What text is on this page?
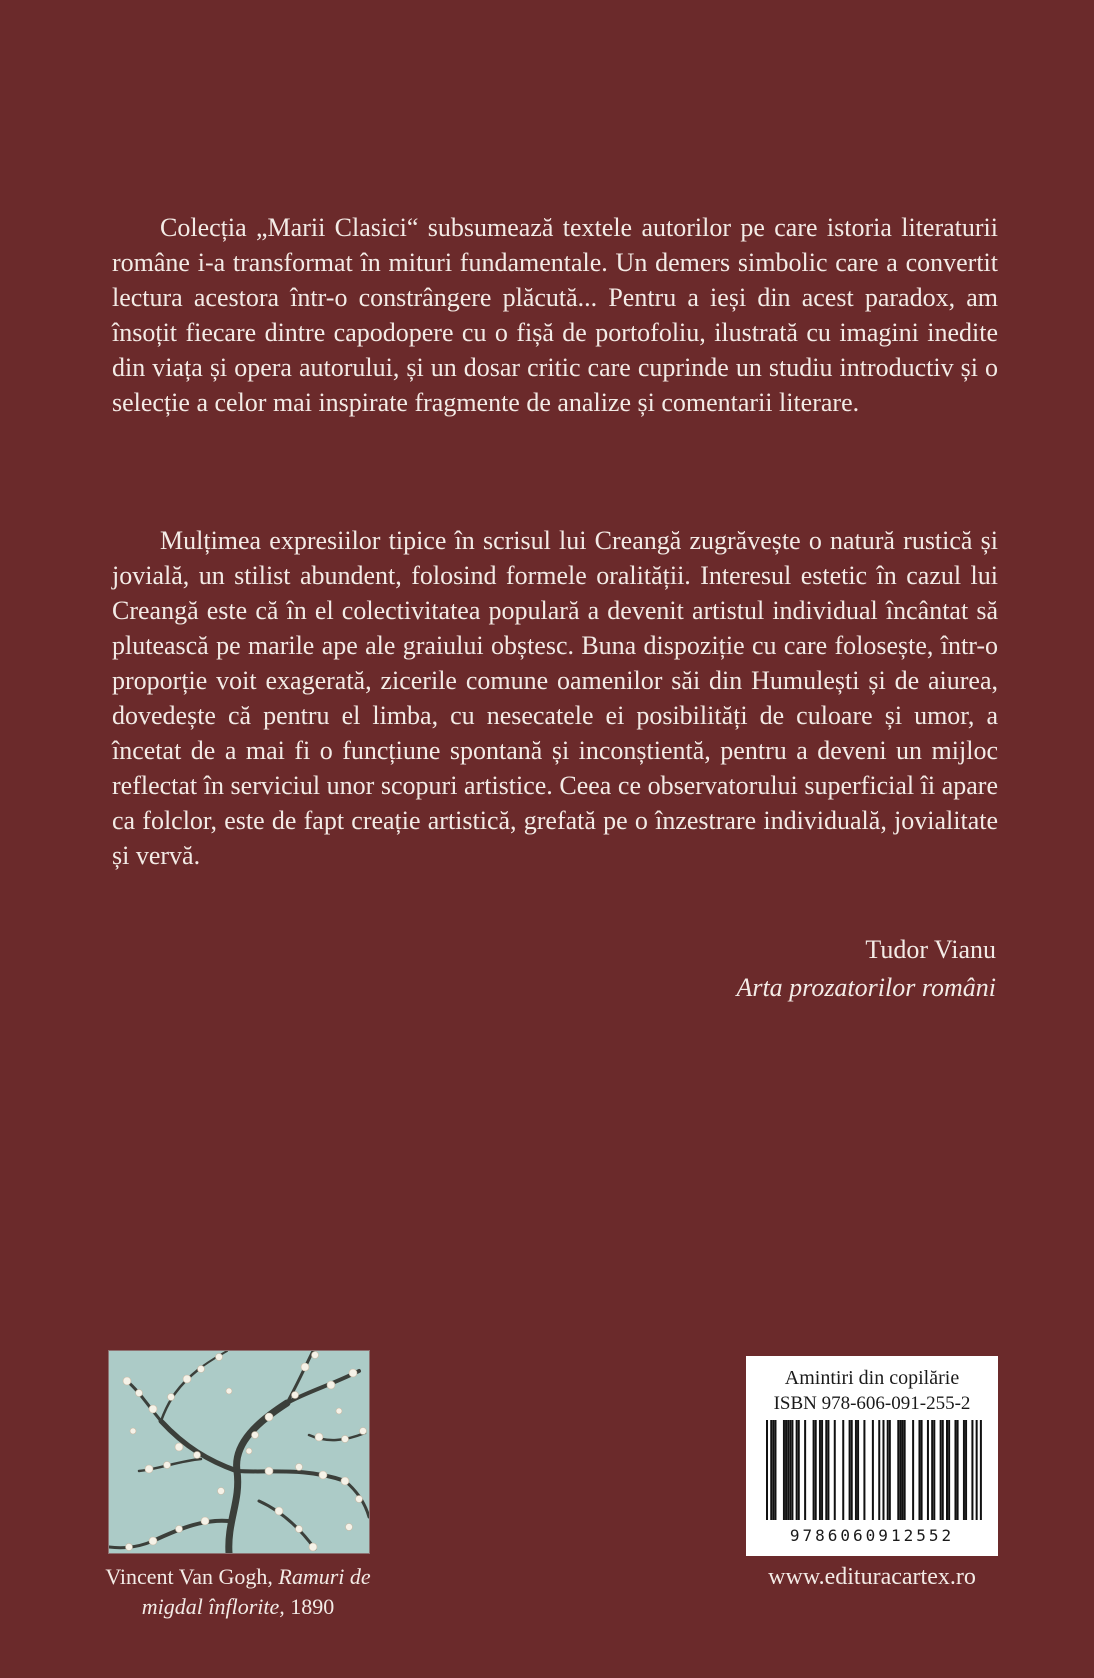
Colecția „Marii Clasici“ subsumează textele autorilor pe care istoria literaturii române i-a transformat în mituri fundamentale. Un demers simbolic care a convertit lectura acestora într-o constrângere plăcută... Pentru a ieși din acest paradox, am însoțit fiecare dintre capodopere cu o fișă de portofoliu, ilustrată cu imagini inedite din viața și opera autorului, și un dosar critic care cuprinde un studiu introductiv și o selecție a celor mai inspirate fragmente de analize și comentarii literare.

Mulțimea expresiilor tipice în scrisul lui Creangă zugrăvește o natură rustică și jovială, un stilist abundent, folosind formele oralității. Interesul estetic în cazul lui Creangă este că în el colectivitatea populară a devenit artistul individual încântat să plutească pe marile ape ale graiului obștesc. Buna dispoziție cu care folosește, într-o proporție voit exagerată, zicerile comune oamenilor săi din Humulești și de aiurea, dovedește că pentru el limba, cu nesecatele ei posibilități de culoare și umor, a încetat de a mai fi o funcțiune spontană și inconștientă, pentru a deveni un mijloc reflectat în serviciul unor scopuri artistice. Ceea ce observatorului superficial îi apare ca folclor, este de fapt creație artistică, grefată pe o înzestrare individuală, jovialitate și vervă.

Tudor Vianu
Arta prozatorilor români
Vincent Van Gogh, Ramuri de migdal înflorite, 1890
Amintiri din copilărie
ISBN 978-606-091-255-2
9786060912552
www.edituracartex.ro
